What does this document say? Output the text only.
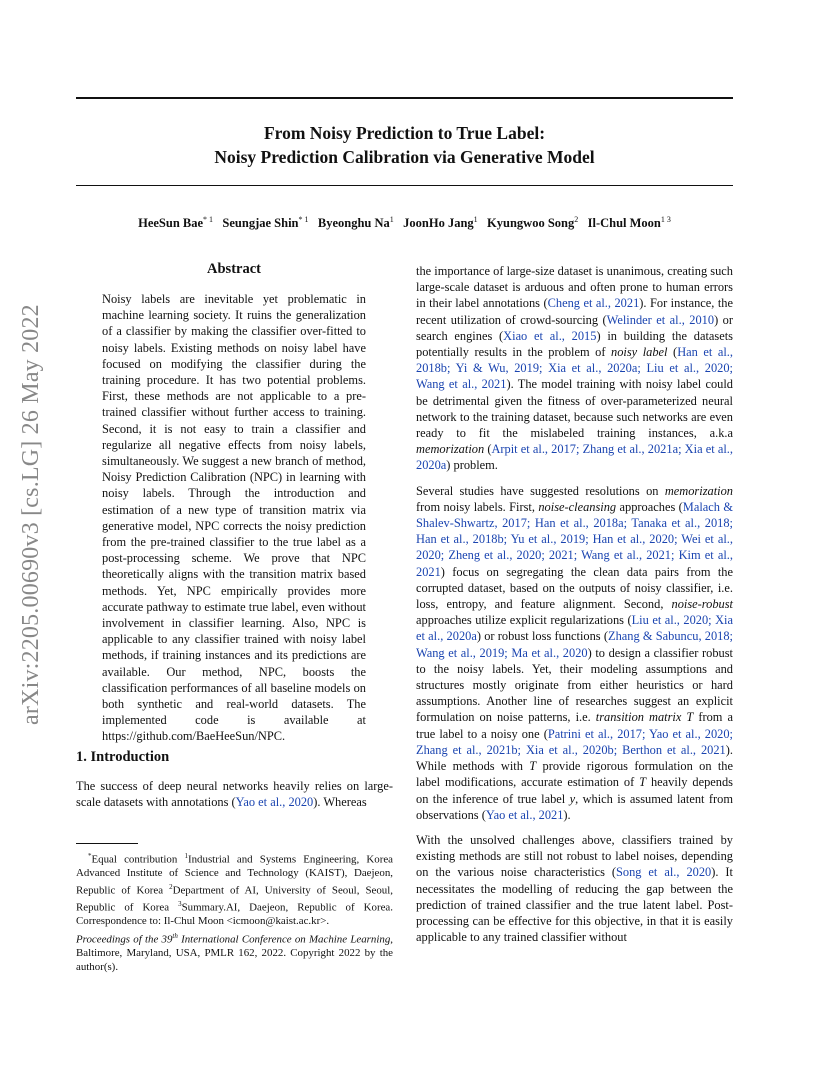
arXiv:2205.00690v3 [cs.LG] 26 May 2022
From Noisy Prediction to True Label:
Noisy Prediction Calibration via Generative Model
HeeSun Bae$^{* 1}$ Seungjae Shin$^{* 1}$ Byeonghu Na$^1$ JoonHo Jang$^1$ Kyungwoo Song$^2$ Il-Chul Moon$^{1 3}$
Abstract

Noisy labels are inevitable yet problematic in machine learning society. It ruins the generalization of a classifier by making the classifier over-fitted to noisy labels. Existing methods on noisy label have focused on modifying the classifier during the training procedure. It has two potential problems. First, these methods are not applicable to a pre-trained classifier without further access to training. Second, it is not easy to train a classifier and regularize all negative effects from noisy labels, simultaneously. We suggest a new branch of method, Noisy Prediction Calibration (NPC) in learning with noisy labels. Through the introduction and estimation of a new type of transition matrix via generative model, NPC corrects the noisy prediction from the pre-trained classifier to the true label as a post-processing scheme. We prove that NPC theoretically aligns with the transition matrix based methods. Yet, NPC empirically provides more accurate pathway to estimate true label, even without involvement in classifier learning. Also, NPC is applicable to any classifier trained with noisy label methods, if training instances and its predictions are available. Our method, NPC, boosts the classification performances of all baseline models on both synthetic and real-world datasets. The implemented code is available at https://github.com/BaeHeeSun/NPC.

1. Introduction

The success of deep neural networks heavily relies on large-scale datasets with annotations (Yao et al., 2020). Whereas

*Equal contribution $^1$Industrial and Systems Engineering, Korea Advanced Institute of Science and Technology (KAIST), Daejeon, Republic of Korea $^2$Department of AI, University of Seoul, Seoul, Republic of Korea $^3$Summary.AI, Daejeon, Republic of Korea. Correspondence to: Il-Chul Moon <icmoon@kaist.ac.kr>.
Proceedings of the 39th International Conference on Machine Learning, Baltimore, Maryland, USA, PMLR 162, 2022. Copyright 2022 by the author(s).

the importance of large-size dataset is unanimous, creating such large-scale dataset is arduous and often prone to human errors in their label annotations (Cheng et al., 2021). For instance, the recent utilization of crowd-sourcing (Welinder et al., 2010) or search engines (Xiao et al., 2015) in building the datasets potentially results in the problem of noisy label (Han et al., 2018b; Yi & Wu, 2019; Xia et al., 2020a; Liu et al., 2020; Wang et al., 2021). The model training with noisy label could be detrimental given the fitness of over-parameterized neural network to the training dataset, because such networks are even ready to fit the mislabeled training instances, a.k.a memorization (Arpit et al., 2017; Zhang et al., 2021a; Xia et al., 2020a) problem.

Several studies have suggested resolutions on memorization from noisy labels. First, noise-cleansing approaches (Malach & Shalev-Shwartz, 2017; Han et al., 2018a; Tanaka et al., 2018; Han et al., 2018b; Yu et al., 2019; Han et al., 2020; Wei et al., 2020; Zheng et al., 2020; 2021; Wang et al., 2021; Kim et al., 2021) focus on segregating the clean data pairs from the corrupted dataset, based on the outputs of noisy classifier, i.e. loss, entropy, and feature alignment. Second, noise-robust approaches utilize explicit regularizations (Liu et al., 2020; Xia et al., 2020a) or robust loss functions (Zhang & Sabuncu, 2018; Wang et al., 2019; Ma et al., 2020) to design a classifier robust to the noisy labels. Yet, their modeling assumptions and structures mostly originate from either heuristics or hard assumptions. Another line of researches suggest an explicit formulation on noise patterns, i.e. transition matrix T from a true label to a noisy one (Patrini et al., 2017; Yao et al., 2020; Zhang et al., 2021b; Xia et al., 2020b; Berthon et al., 2021). While methods with T provide rigorous formulation on the label modifications, accurate estimation of T heavily depends on the inference of true label y, which is assumed latent from observations (Yao et al., 2021).

With the unsolved challenges above, classifiers trained by existing methods are still not robust to label noises, depending on the various noise characteristics (Song et al., 2020). It necessitates the modelling of reducing the gap between the prediction of trained classifier and the true latent label. Post-processing can be effective for this objective, in that it is easily applicable to any trained classifier without
